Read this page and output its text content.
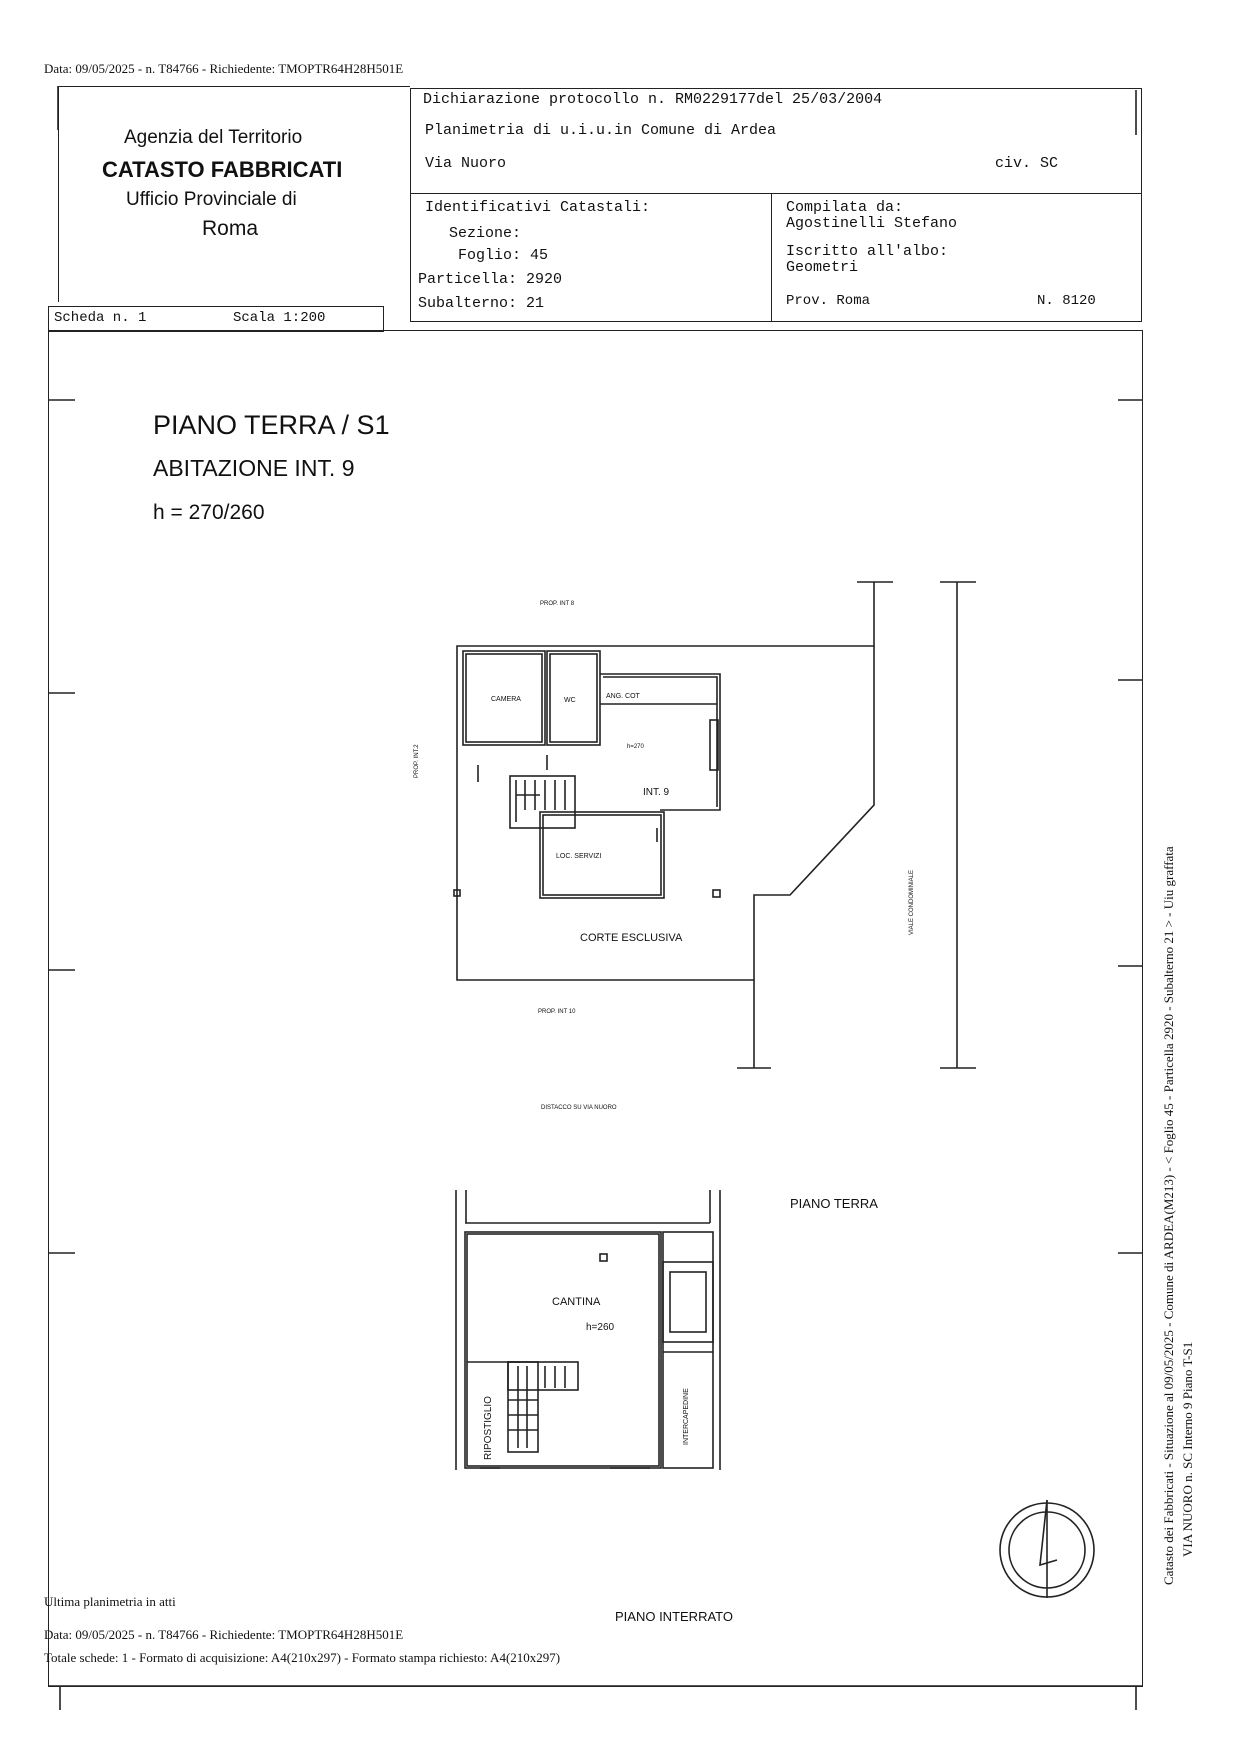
Data: 09/05/2025 - n. T84766 - Richiedente: TMOPTR64H28H501E
Agenzia del Territorio
CATASTO FABBRICATI
Ufficio Provinciale di
Roma
Dichiarazione protocollo n. RM0229177del 25/03/2004
Planimetria di u.i.u.in Comune di Ardea
Via Nuoro	civ. SC
Identificativi Catastali:
Sezione:
Foglio: 45
Particella: 2920
Subalterno: 21
Compilata da:
Agostinelli Stefano
Iscritto all'albo:
Geometri
Prov. Roma	N. 8120
Scheda n. 1	Scala 1:200
PIANO TERRA / S1
ABITAZIONE INT. 9
h = 270/260
PROP. INT 8
PROP. INT.2
CAMERA	WC
ANG. COT
h=270
INT. 9
LOC. SERVIZI
CORTE ESCLUSIVA
PROP. INT 10
VIALE CONDOMINIALE
DISTACCO SU VIA NUORO
PIANO TERRA
CANTINA
h=260
RIPOSTIGLIO	INTERCAPEDINE
PIANO INTERRATO
Catasto dei Fabbricati - Situazione al 09/05/2025 - Comune di ARDEA(M213) - < Foglio 45 - Particella 2920 - Subalterno 21 > - Uiu graffata VIA NUORO n. SC Interno 9 Piano T-S1
Ultima planimetria in atti
Data: 09/05/2025 - n. T84766 - Richiedente: TMOPTR64H28H501E
Totale schede: 1 - Formato di acquisizione: A4(210x297) - Formato stampa richiesto: A4(210x297)
